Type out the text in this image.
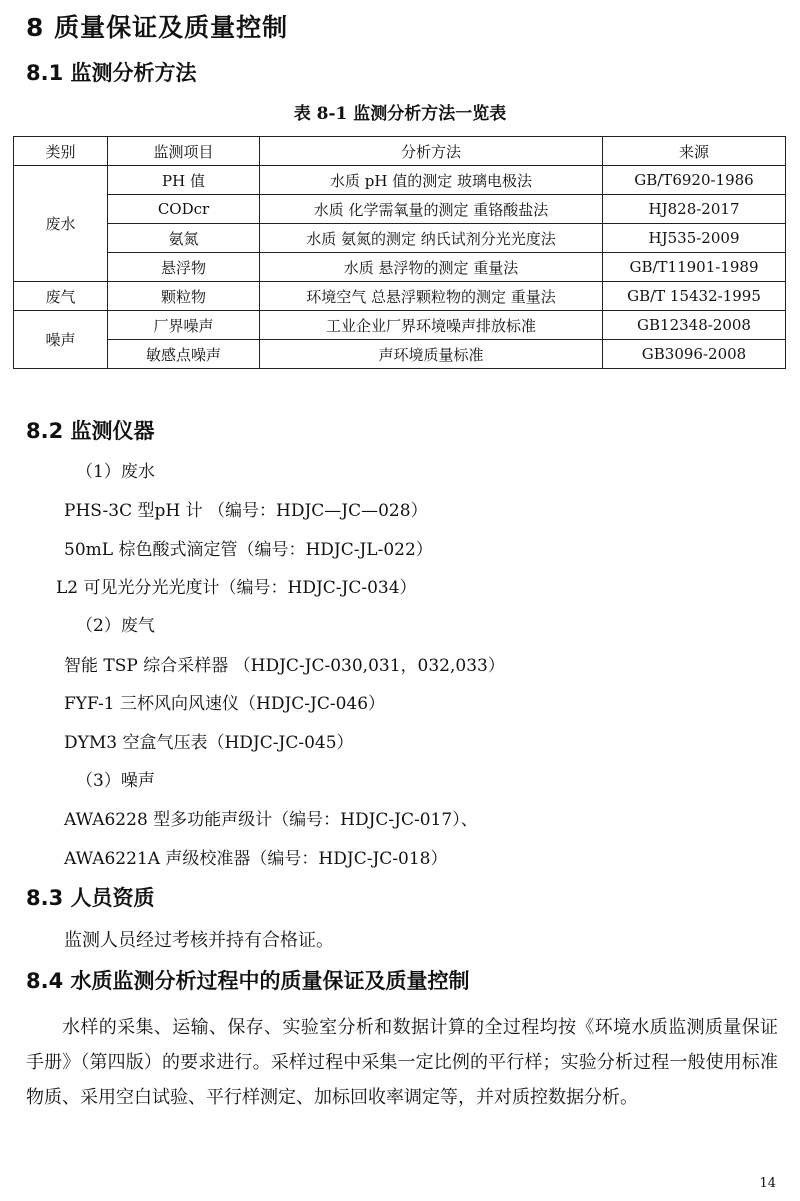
8 质量保证及质量控制
8.1 监测分析方法
表 8-1 监测分析方法一览表
类别	监测项目	分析方法	来源
废水	PH 值	水质 pH 值的测定 玻璃电极法	GB/T6920-1986
	CODcr	水质 化学需氧量的测定 重铬酸盐法	HJ828-2017
	氨氮	水质 氨氮的测定 纳氏试剂分光光度法	HJ535-2009
	悬浮物	水质 悬浮物的测定 重量法	GB/T11901-1989
废气	颗粒物	环境空气 总悬浮颗粒物的测定 重量法	GB/T 15432-1995
噪声	厂界噪声	工业企业厂界环境噪声排放标准	GB12348-2008
	敏感点噪声	声环境质量标准	GB3096-2008
8.2 监测仪器
（1）废水
PHS-3C 型pH 计 （编号：HDJC—JC—028）
50mL 棕色酸式滴定管（编号：HDJC-JL-022）
L2 可见光分光光度计（编号：HDJC-JC-034）
（2）废气
智能 TSP 综合采样器 （HDJC-JC-030,031，032,033）
FYF-1 三杯风向风速仪（HDJC-JC-046）
DYM3 空盒气压表（HDJC-JC-045）
（3）噪声
AWA6228 型多功能声级计（编号：HDJC-JC-017）、
AWA6221A 声级校准器（编号：HDJC-JC-018）
8.3 人员资质
监测人员经过考核并持有合格证。
8.4 水质监测分析过程中的质量保证及质量控制
水样的采集、运输、保存、实验室分析和数据计算的全过程均按《环境水质监测质量保证手册》（第四版）的要求进行。采样过程中采集一定比例的平行样；实验分析过程一般使用标准物质、采用空白试验、平行样测定、加标回收率调定等，并对质控数据分析。
14
